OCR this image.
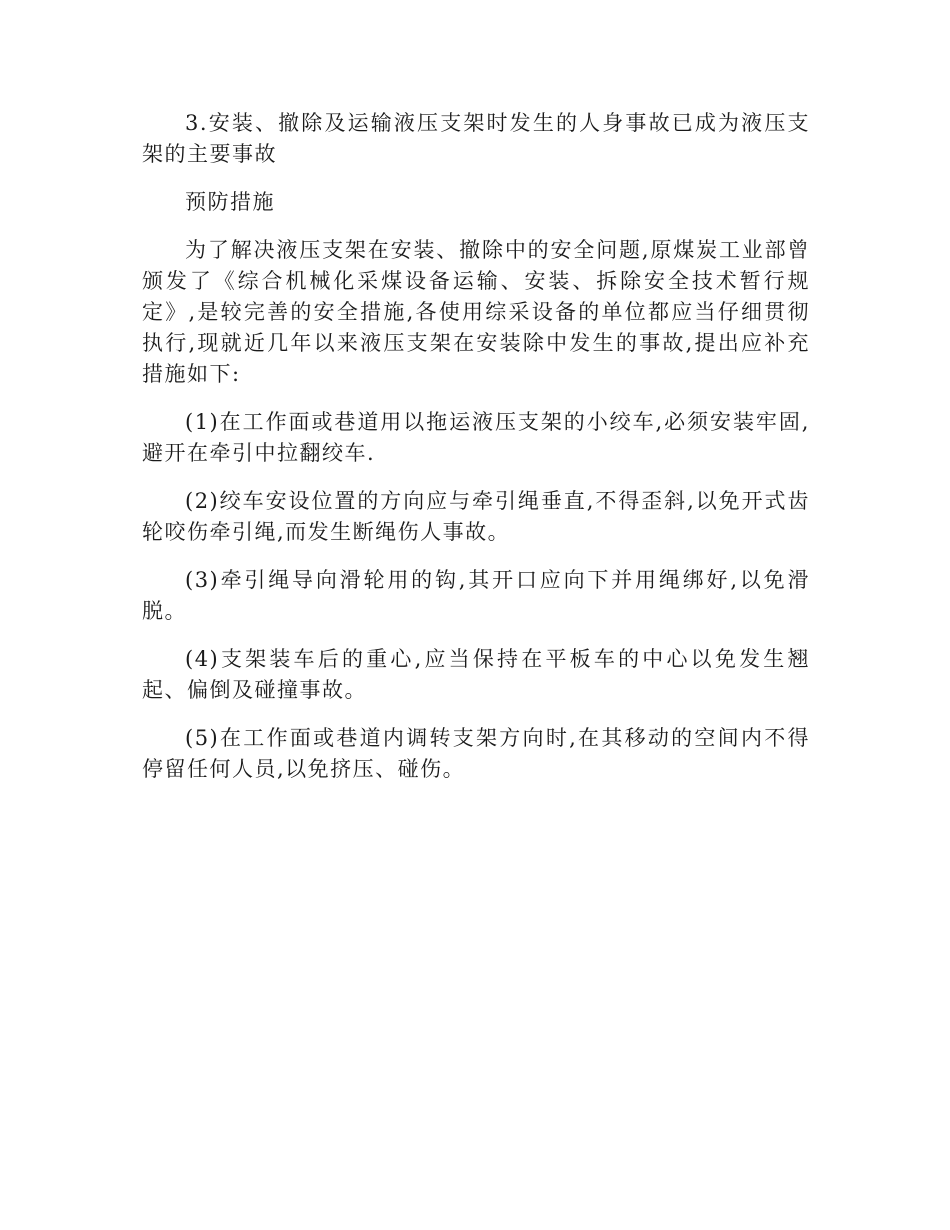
3.安装、撤除及运输液压支架时发生的人身事故已成为液压支架的主要事故

预防措施

为了解决液压支架在安装、撤除中的安全问题,原煤炭工业部曾颁发了《综合机械化采煤设备运输、安装、拆除安全技术暂行规定》,是较完善的安全措施,各使用综采设备的单位都应当仔细贯彻执行,现就近几年以来液压支架在安装除中发生的事故,提出应补充措施如下:

(1)在工作面或巷道用以拖运液压支架的小绞车,必须安装牢固,避开在牵引中拉翻绞车.

(2)绞车安设位置的方向应与牵引绳垂直,不得歪斜,以免开式齿轮咬伤牵引绳,而发生断绳伤人事故。

(3)牵引绳导向滑轮用的钩,其开口应向下并用绳绑好,以免滑脱。

(4)支架装车后的重心,应当保持在平板车的中心以免发生翘起、偏倒及碰撞事故。

(5)在工作面或巷道内调转支架方向时,在其移动的空间内不得停留任何人员,以免挤压、碰伤。
